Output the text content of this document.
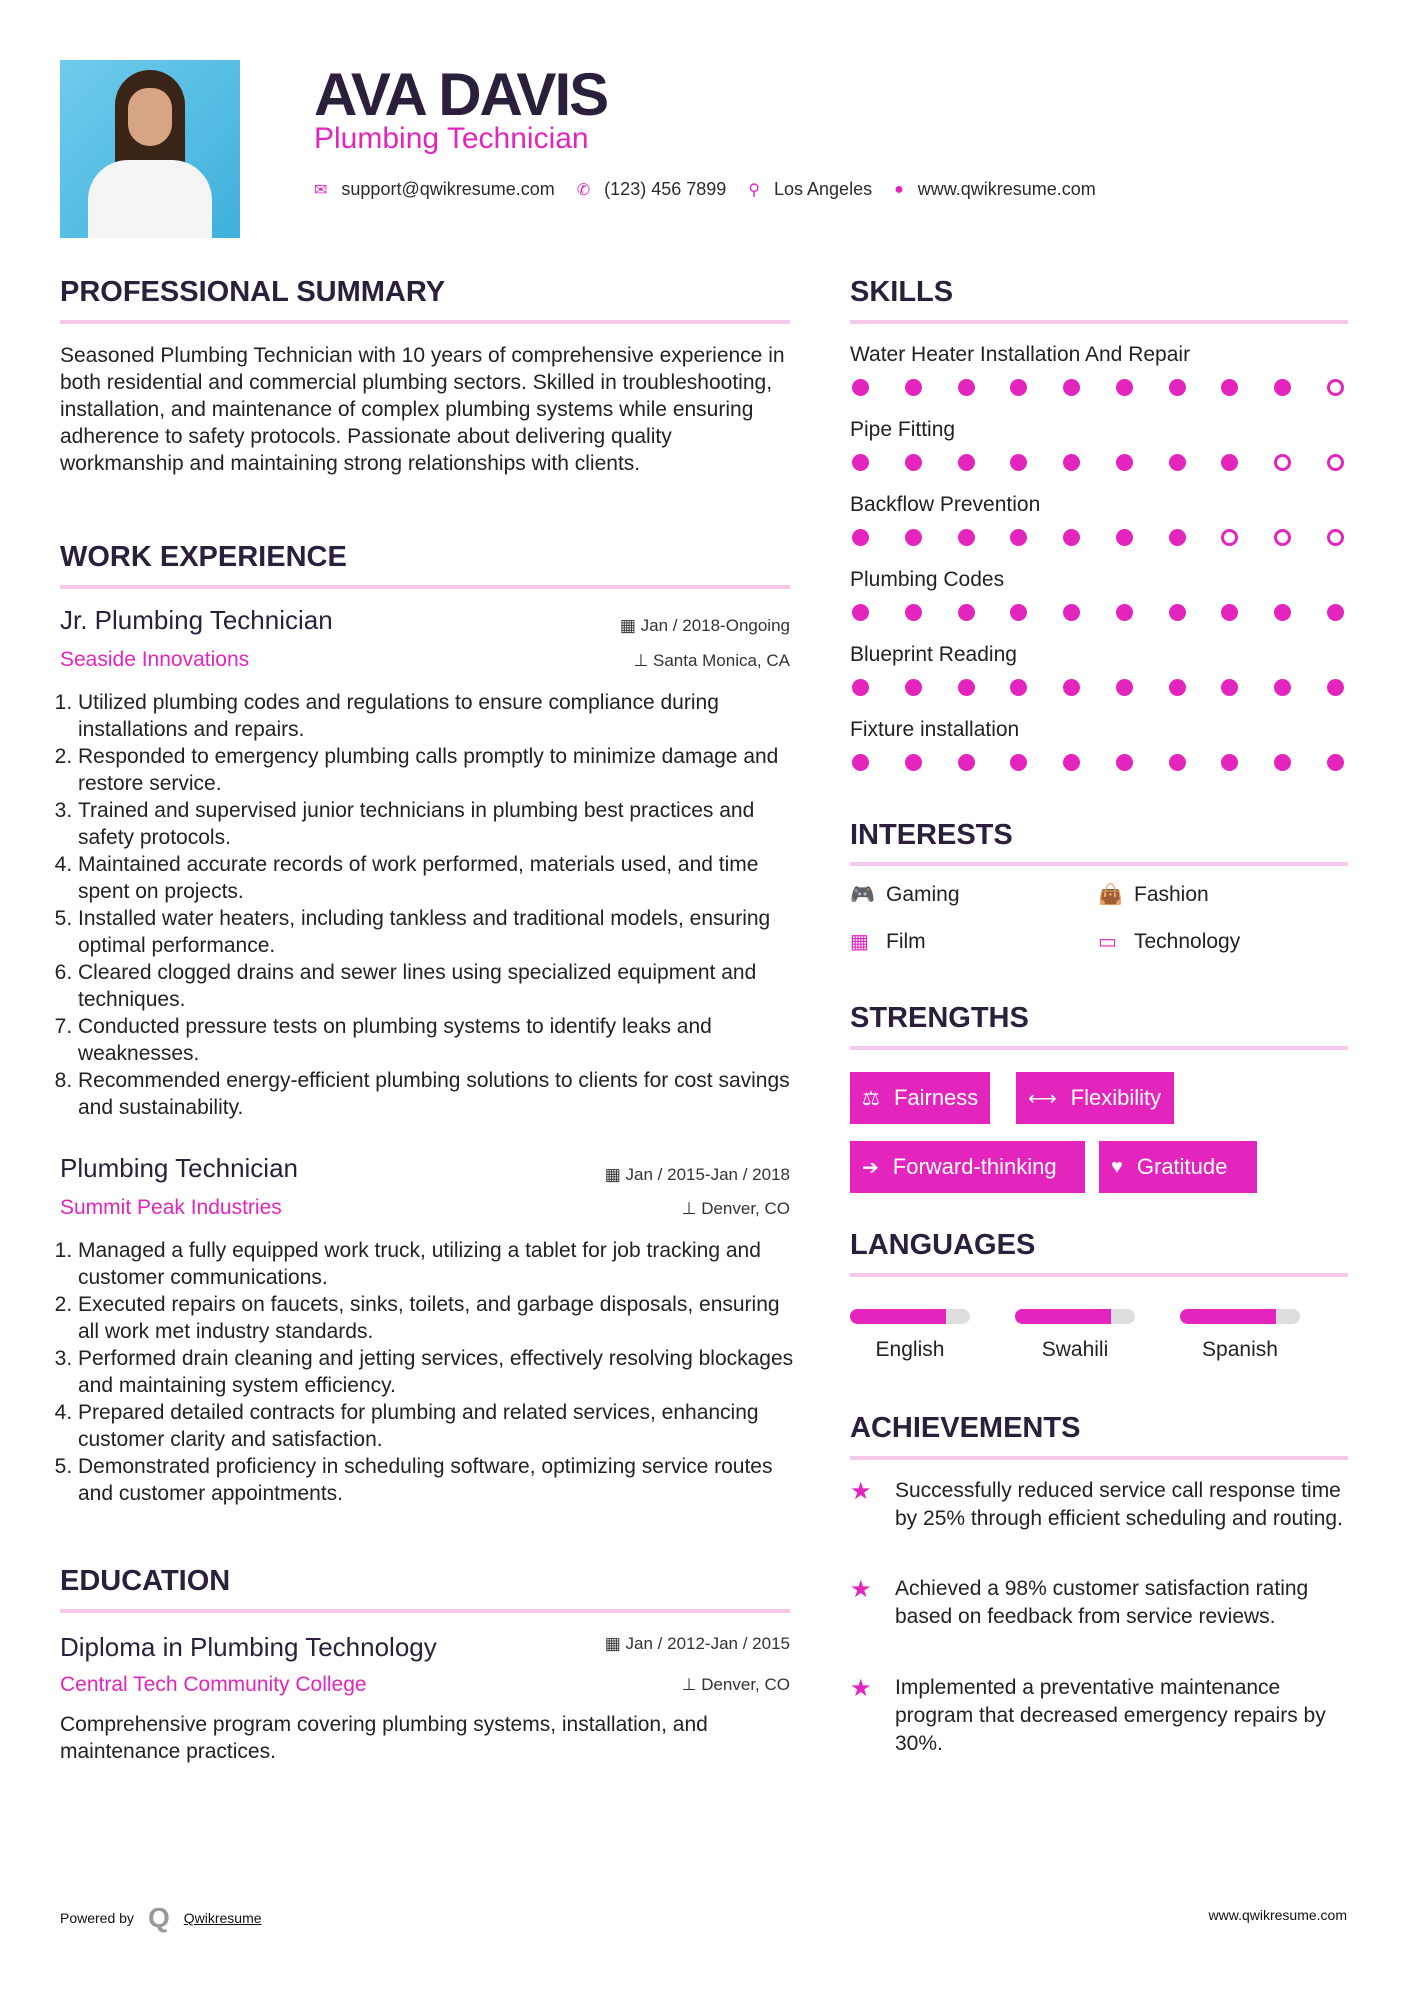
AVA DAVIS
Plumbing Technician
✉ support@qwikresume.com ✆ (123) 456 7899 ⚲ Los Angeles ● www.qwikresume.com
PROFESSIONAL SUMMARY
Seasoned Plumbing Technician with 10 years of comprehensive experience in both residential and commercial plumbing sectors. Skilled in troubleshooting, installation, and maintenance of complex plumbing systems while ensuring adherence to safety protocols. Passionate about delivering quality workmanship and maintaining strong relationships with clients.
WORK EXPERIENCE
Jr. Plumbing Technician	▦ Jan / 2018-Ongoing
Seaside Innovations	⊥ Santa Monica, CA
1. Utilized plumbing codes and regulations to ensure compliance during installations and repairs.
2. Responded to emergency plumbing calls promptly to minimize damage and restore service.
3. Trained and supervised junior technicians in plumbing best practices and safety protocols.
4. Maintained accurate records of work performed, materials used, and time spent on projects.
5. Installed water heaters, including tankless and traditional models, ensuring optimal performance.
6. Cleared clogged drains and sewer lines using specialized equipment and techniques.
7. Conducted pressure tests on plumbing systems to identify leaks and weaknesses.
8. Recommended energy-efficient plumbing solutions to clients for cost savings and sustainability.
Plumbing Technician	▦ Jan / 2015-Jan / 2018
Summit Peak Industries	⊥ Denver, CO
1. Managed a fully equipped work truck, utilizing a tablet for job tracking and customer communications.
2. Executed repairs on faucets, sinks, toilets, and garbage disposals, ensuring all work met industry standards.
3. Performed drain cleaning and jetting services, effectively resolving blockages and maintaining system efficiency.
4. Prepared detailed contracts for plumbing and related services, enhancing customer clarity and satisfaction.
5. Demonstrated proficiency in scheduling software, optimizing service routes and customer appointments.
EDUCATION
Diploma in Plumbing Technology	▦ Jan / 2012-Jan / 2015
Central Tech Community College	⊥ Denver, CO
Comprehensive program covering plumbing systems, installation, and maintenance practices.
SKILLS
Water Heater Installation And Repair
Pipe Fitting
Backflow Prevention
Plumbing Codes
Blueprint Reading
Fixture installation
INTERESTS
🎮 Gaming	👜 Fashion
▦ Film	▭ Technology
STRENGTHS
⚖ Fairness ⟷ Flexibility
➔ Forward-thinking	♥ Gratitude
LANGUAGES
English	Swahili	Spanish
ACHIEVEMENTS
★	Successfully reduced service call response time by 25% through efficient scheduling and routing.
★	Achieved a 98% customer satisfaction rating based on feedback from service reviews.
★	Implemented a preventative maintenance program that decreased emergency repairs by 30%.
Powered by Q Qwikresume	www.qwikresume.com
